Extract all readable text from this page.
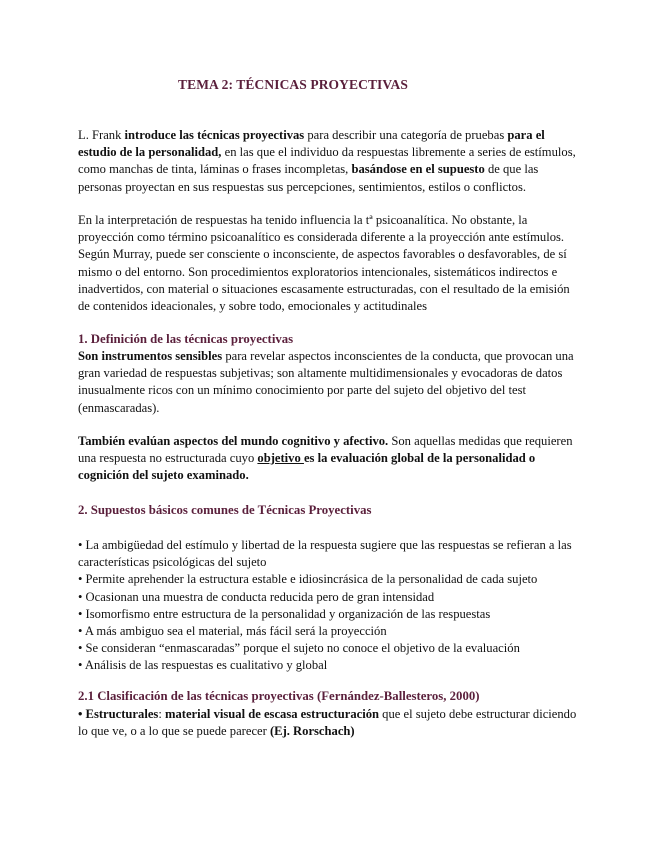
TEMA 2: TÉCNICAS PROYECTIVAS

L. Frank introduce las técnicas proyectivas para describir una categoría de pruebas para el estudio de la personalidad, en las que el individuo da respuestas libremente a series de estímulos, como manchas de tinta, láminas o frases incompletas, basándose en el supuesto de que las personas proyectan en sus respuestas sus percepciones, sentimientos, estilos o conflictos.

En la interpretación de respuestas ha tenido influencia la tª psicoanalítica. No obstante, la proyección como término psicoanalítico es considerada diferente a la proyección ante estímulos. Según Murray, puede ser consciente o inconsciente, de aspectos favorables o desfavorables, de sí mismo o del entorno. Son procedimientos exploratorios intencionales, sistemáticos indirectos e inadvertidos, con material o situaciones escasamente estructuradas, con el resultado de la emisión de contenidos ideacionales, y sobre todo, emocionales y actitudinales

1. Definición de las técnicas proyectivas

Son instrumentos sensibles para revelar aspectos inconscientes de la conducta, que provocan una gran variedad de respuestas subjetivas; son altamente multidimensionales y evocadoras de datos inusualmente ricos con un mínimo conocimiento por parte del sujeto del objetivo del test (enmascaradas).

También evalúan aspectos del mundo cognitivo y afectivo. Son aquellas medidas que requieren una respuesta no estructurada cuyo objetivo es la evaluación global de la personalidad o cognición del sujeto examinado.

2. Supuestos básicos comunes de Técnicas Proyectivas
• La ambigüedad del estímulo y libertad de la respuesta sugiere que las respuestas se refieran a las características psicológicas del sujeto
• Permite aprehender la estructura estable e idiosincrásica de la personalidad de cada sujeto
• Ocasionan una muestra de conducta reducida pero de gran intensidad
• Isomorfismo entre estructura de la personalidad y organización de las respuestas
• A más ambiguo sea el material, más fácil será la proyección
• Se consideran “enmascaradas” porque el sujeto no conoce el objetivo de la evaluación
• Análisis de las respuestas es cualitativo y global
2.1 Clasificación de las técnicas proyectivas (Fernández-Ballesteros, 2000)

• Estructurales: material visual de escasa estructuración que el sujeto debe estructurar diciendo lo que ve, o a lo que se puede parecer (Ej. Rorschach)
